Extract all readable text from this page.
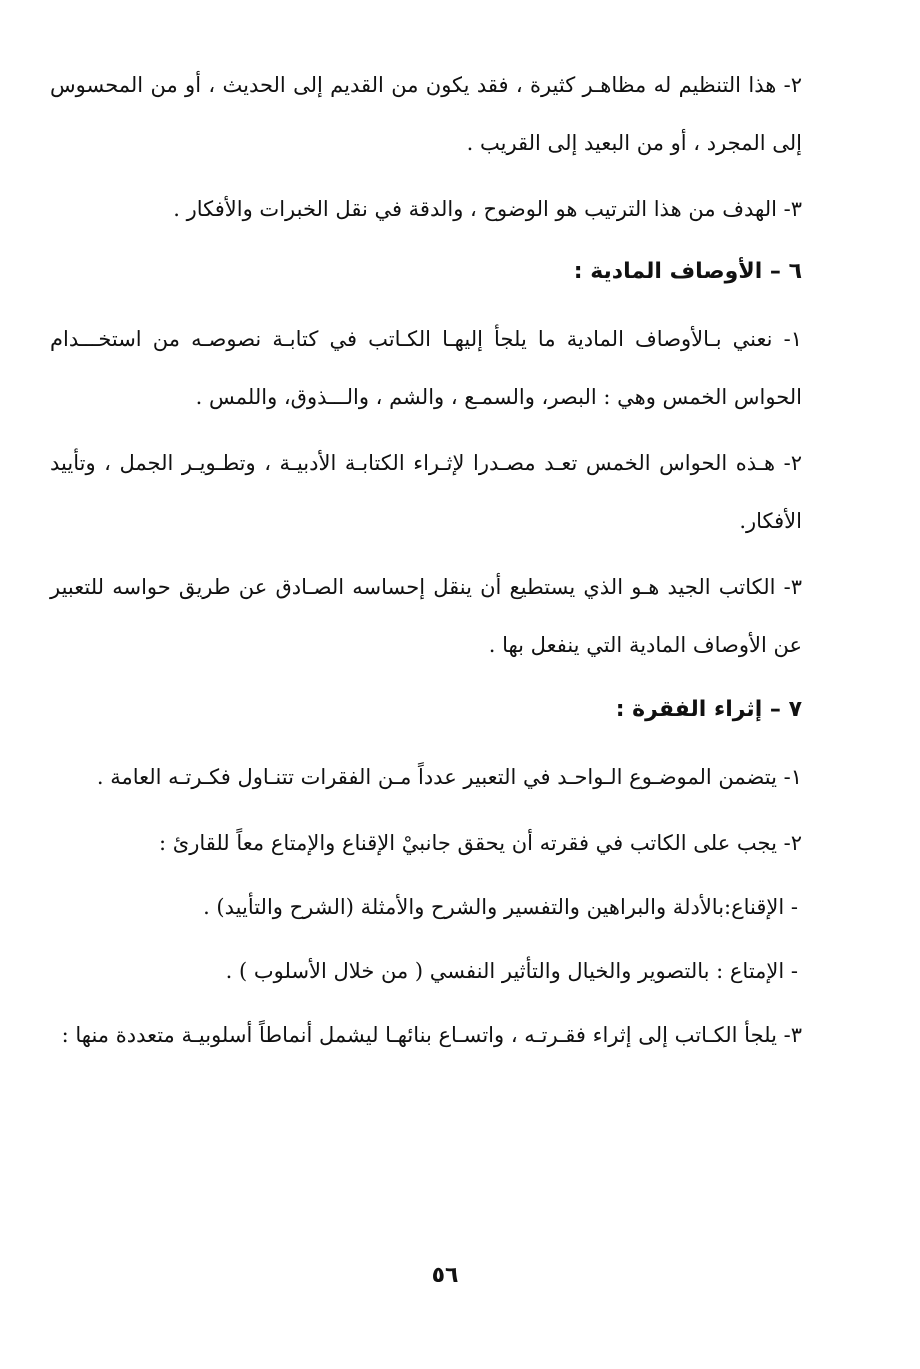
٢- هذا التنظيم له مظاهـر كثيرة ، فقد يكون من القديم إلى الحديث ، أو من المحسوس إلى المجرد ، أو من البعيد إلى القريب .

٣- الهدف من هذا الترتيب هو الوضوح ، والدقة في نقل الخبرات والأفكار .

٦ – الأوصاف المادية :

١- نعني بـالأوصاف المادية ما يلجأ إليهـا الكـاتب في كتابـة نصوصـه من استخـــدام الحواس الخمس وهي : البصر، والسمـع ، والشم ، والـــذوق، واللمس .

٢- هـذه الحواس الخمس تعـد مصـدرا لإثـراء الكتابـة الأدبيـة ، وتطـويـر الجمل ، وتأييد الأفكار.

٣- الكاتب الجيد هـو الذي يستطيع أن ينقل إحساسه الصـادق عن طريق حواسه للتعبير عن الأوصاف المادية التي ينفعل بها .

٧ – إثراء الفقرة :

١- يتضمن الموضـوع الـواحـد في التعبير عدداً مـن الفقرات تتنـاول فكـرتـه العامة .

٢- يجب على الكاتب في فقرته أن يحقق جانبيْ الإقناع والإمتاع معاً للقارئ :

- الإقناع:بالأدلة والبراهين والتفسير والشرح والأمثلة (الشرح والتأييد) .

- الإمتاع : بالتصوير والخيال والتأثير النفسي ( من خلال الأسلوب ) .

٣- يلجأ الكـاتب إلى إثراء فقـرتـه ، واتسـاع بنائهـا ليشمل أنماطاً أسلوبيـة متعددة منها :

٥٦
